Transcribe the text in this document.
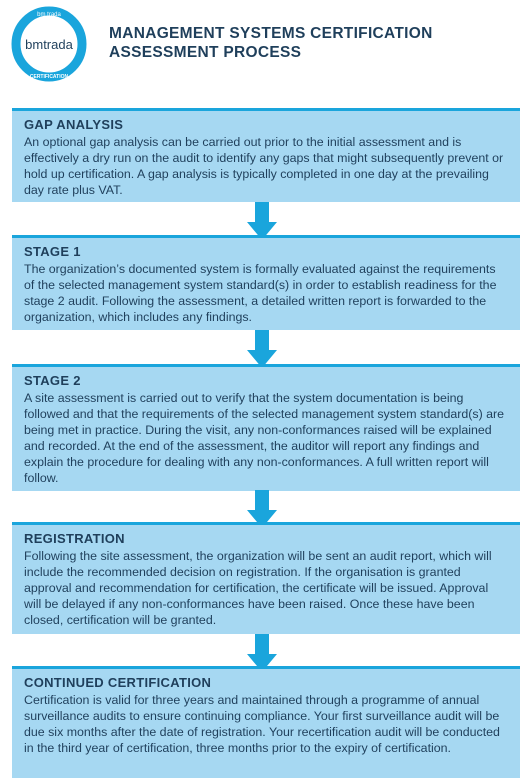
bm trada
bmtrada
CERTIFICATION
MANAGEMENT SYSTEMS CERTIFICATION
ASSESSMENT PROCESS
GAP ANALYSIS

An optional gap analysis can be carried out prior to the initial assessment and is effectively a dry run on the audit to identify any gaps that might subsequently prevent or hold up certification. A gap analysis is typically completed in one day at the prevailing day rate plus VAT.

STAGE 1

The organization’s documented system is formally evaluated against the requirements of the selected management system standard(s) in order to establish readiness for the stage 2 audit. Following the assessment, a detailed written report is forwarded to the organization, which includes any findings.

STAGE 2

A site assessment is carried out to verify that the system documentation is being followed and that the requirements of the selected management system standard(s) are being met in practice. During the visit, any non-conformances raised will be explained and recorded. At the end of the assessment, the auditor will report any findings and explain the procedure for dealing with any non-conformances. A full written report will follow.

REGISTRATION

Following the site assessment, the organization will be sent an audit report, which will include the recommended decision on registration. If the organisation is granted approval and recommendation for certification, the certificate will be issued. Approval will be delayed if any non-conformances have been raised. Once these have been closed, certification will be granted.

CONTINUED CERTIFICATION

Certification is valid for three years and maintained through a programme of annual surveillance audits to ensure continuing compliance. Your first surveillance audit will be due six months after the date of registration. Your recertification audit will be conducted in the third year of certification, three months prior to the expiry of certification.
